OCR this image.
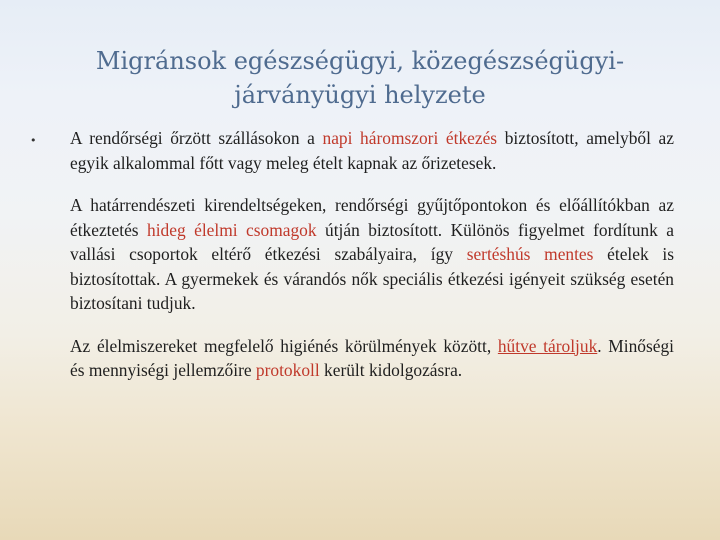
Migránsok egészségügyi, közegészségügyi-
járványügyi helyzete
• A rendőrségi őrzött szállásokon a napi háromszori étkezés biztosított, amelyből az egyik alkalommal főtt vagy meleg ételt kapnak az őrizetesek.

A határrendészeti kirendeltségeken, rendőrségi gyűjtőpontokon és előállítókban az étkeztetés hideg élelmi csomagok útján biztosított. Különös figyelmet fordítunk a vallási csoportok eltérő étkezési szabályaira, így sertéshús mentes ételek is biztosítottak. A gyermekek és várandós nők speciális étkezési igényeit szükség esetén biztosítani tudjuk.

Az élelmiszereket megfelelő higiénés körülmények között, hűtve tároljuk. Minőségi és mennyiségi jellemzőire protokoll került kidolgozásra.
